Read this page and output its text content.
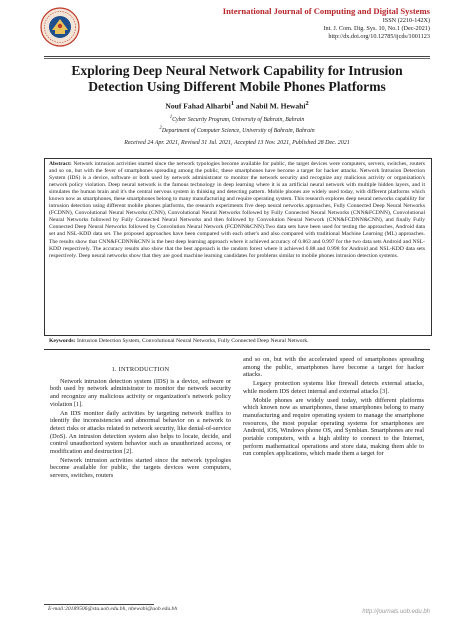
International Journal of Computing and Digital Systems
ISSN (2210-142X)
Int. J. Com. Dig. Sys. 10, No.1 (Dec-2021)
http://dx.doi.org/10.12785/ijcds/1001123
Exploring Deep Neural Network Capability for Intrusion
Detection Using Different Mobile Phones Platforms
Nouf Fahad Alharbi$^1$ and Nabil M. Hewahi$^2$
$^1$Cyber Security Program, University of Bahrain, Bahrain
$^2$Department of Computer Science, University of Bahrain, Bahrain
Received 24 Apr. 2021, Revised 31 Jul. 2021, Accepted 13 Nov. 2021, Published 28 Dec. 2021
Abstract: Network intrusion activities started since the network typologies become available for public, the target devices were computers, servers, switches, routers and so on, but with the fever of smartphones spreading among the public, these smartphones have become a target for hacker attacks. Network Intrusion Detection System (IDS) is a device, software or both used by network administrator to monitor the network security and recognize any malicious activity or organization's network policy violation. Deep neural network is the famous technology in deep learning where it is an artificial neural network with multiple hidden layers, and it simulates the human brain and it's the central nervous system in thinking and detecting pattern. Mobile phones are widely used today, with different platforms which known now as smartphones, these smartphones belong to many manufacturing and require operating system. This research explores deep neural networks capability for intrusion detection using different mobile phones platforms, the research experiments five deep neural networks approaches, Fully Connected Deep Neural Networks (FCDNN), Convolutional Neural Networks (CNN), Convolutional Neural Networks followed by Fully Connected Neural Networks (CNN&FCDNN), Convolutional Neural Networks followed by Fully Connected Neural Networks and then followed by Convolution Neural Network (CNN&FCDNN&CNN), and finally Fully Connected Deep Neural Networks followed by Convolution Neural Network (FCDNN&CNN).Two data sets have been used for testing the approaches, Android data set and NSL-KDD data set. The proposed approaches have been compared with each other's and also compared with traditional Machine Learning (ML) approaches. The results show that CNN&FCDNN&CNN is the best deep learning approach where it achieved accuracy of 0.863 and 0.997 for the two data sets Android and NSL-KDD respectively. The accuracy results also show that the best approach is the random forest where it achieved 0.88 and 0.998 for Android and NSL-KDD data sets respectively. Deep neural networks show that they are good machine learning candidates for problems similar to mobile phones intrusion detection systems.
Keywords: Intrusion Detection System, Convolutional Neural Networks, Fully Connected Deep Neural Network.
1. INTRODUCTION

Network intrusion detection system (IDS) is a device, software or both used by network administrator to monitor the network security and recognize any malicious activity or organization's network policy violation [1].

An IDS monitor daily activities by targeting network traffics to identify the inconsistencies and abnormal behavior on a network to detect risks or attacks related to network security, like denial-of-service (DoS). An intrusion detection system also helps to locate, decide, and control unauthorized system behavior such as unauthorized access, or modification and destruction [2].

Network intrusion activities started since the network typologies become available for public, the targets devices were computers, servers, switches, routers

and so on, but with the accelerated speed of smartphones spreading among the public, smartphones have become a target for hacker attacks.

Legacy protection systems like firewall detects external attacks, while modern IDS detect internal and external attacks [3].

Mobile phones are widely used today, with different platforms which known now as smartphones, these smartphones belong to many manufacturing and require operating system to manage the smartphone resources, the most popular operating systems for smartphones are Android, iOS, Windows phone OS, and Symbian. Smartphones are real portable computers, with a high ability to connect to the Internet, perform mathematical operations and store data, making them able to run complex applications, which made them a target for

E-mail:20189506@stu.uob.edu.bh, nhewahi@uob.edu.bh	http://journals.uob.edu.bh
